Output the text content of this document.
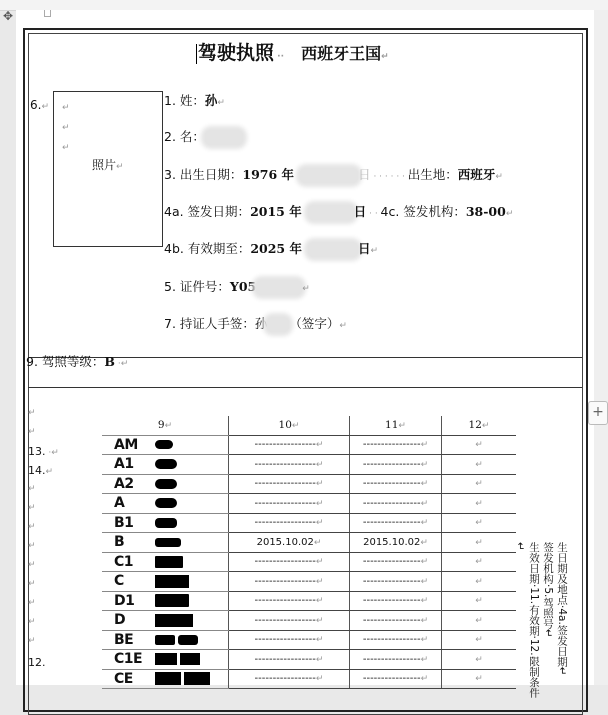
✥
驾驶执照 ·· 西班牙王国↵
6.↵ ↵
↵
↵
照片↵
1. 姓：孙↵
2. 名：
3. 出生日期：1976 年	日 · · · · · · 出生地：西班牙↵
4a. 签发日期：2015 年	日 · · 4c. 签发机构：38-00↵
4b. 有效期至：2025 年	日↵
5. 证件号：Y05	↵
7. 持证人手签：孙 （签字）↵
9. 驾照等级：B ·↵
↵
↵
13. ·↵
14.↵
↵
↵
↵
↵
↵
↵
↵
↵
↵
12.
9↵	10↵	11↵	12↵

AM	-----------------↵	----------------↵	↵

A1	-----------------↵	----------------↵	↵

A2	-----------------↵	----------------↵	↵

A	-----------------↵	----------------↵	↵

B1	-----------------↵	----------------↵	↵

B	2015.10.02↵	2015.10.02↵	↵

C1	-----------------↵	----------------↵	↵

C	-----------------↵	----------------↵	↵

D1	-----------------↵	----------------↵	↵

D	-----------------↵	----------------↵	↵

BE	-----------------↵	----------------↵	↵

C1E	-----------------↵	----------------↵	↵

CE	-----------------↵	----------------↵	↵
生日期及地点·4a.签发日期↵
签发机构·5.驾照号↵
生效日期·11.有效期·12.限制条件↵
+
